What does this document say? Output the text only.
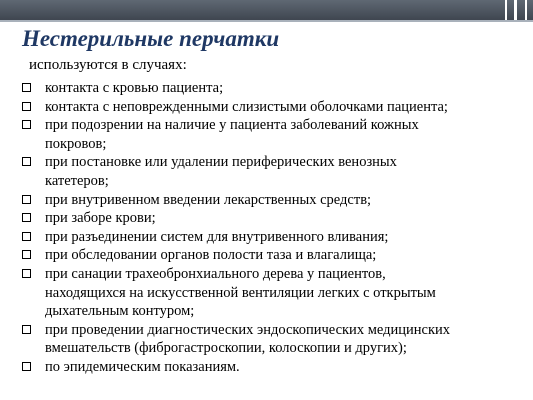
Нестерильные перчатки
используются в случаях:
контакта с кровью пациента;
контакта с неповрежденными слизистыми оболочками пациента;
при подозрении на наличие у пациента заболеваний кожных
покровов;
при постановке или удалении периферических венозных
катетеров;
при внутривенном введении лекарственных средств;
при заборе крови;
при разъединении систем для внутривенного вливания;
при обследовании органов полости таза и влагалища;
при санации трахеобронхиального дерева у пациентов,
находящихся на искусственной вентиляции легких с открытым
дыхательным контуром;
при проведении диагностических эндоскопических медицинских
вмешательств (фиброгастроскопии, колоскопии и других);
по эпидемическим показаниям.
